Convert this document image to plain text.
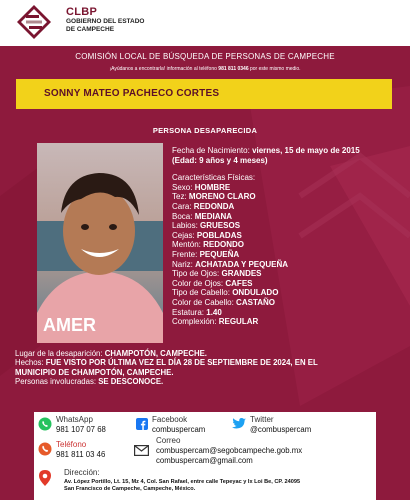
CLBP
GOBIERNO DEL ESTADO
DE CAMPECHE
COMISIÓN LOCAL DE BÚSQUEDA DE PERSONAS DE CAMPECHE
¡Ayúdanos a encontrarla! información al teléfono 981 811 0346 por este mismo medio.
SONNY MATEO PACHECO CORTES
PERSONA DESAPARECIDA
AMER
Fecha de Nacimiento: viernes, 15 de mayo de 2015
(Edad: 9 años y 4 meses)
Características Físicas:
Sexo: HOMBRE
Tez: MORENO CLARO
Cara: REDONDA
Boca: MEDIANA
Labios: GRUESOS
Cejas: POBLADAS
Mentón: REDONDO
Frente: PEQUEÑA
Nariz: ACHATADA Y PEQUEÑA
Tipo de Ojos: GRANDES
Color de Ojos: CAFES
Tipo de Cabello: ONDULADO
Color de Cabello: CASTAÑO
Estatura: 1.40
Complexión: REGULAR
Lugar de la desaparición: CHAMPOTÓN, CAMPECHE.
Hechos: FUE VISTO POR ÚLTIMA VEZ EL DÍA 28 DE SEPTIEMBRE DE 2024, EN EL
MUNICIPIO DE CHAMPOTÓN, CAMPECHE.
Personas involucradas: SE DESCONOCE.
WhatsApp
981 107 07 68
Facebook
combuspercam
Twitter
@combuspercam
Teléfono
981 811 03 46
Correo
combuspercam@segobcampeche.gob.mx
combuspercam@gmail.com
Dirección:
Av. López Portillo, Lt. 15, Mz 4, Col. San Rafael, entre calle Tepeyac y Ix Loi Be, CP. 24095
San Francisco de Campeche, Campeche, México.
